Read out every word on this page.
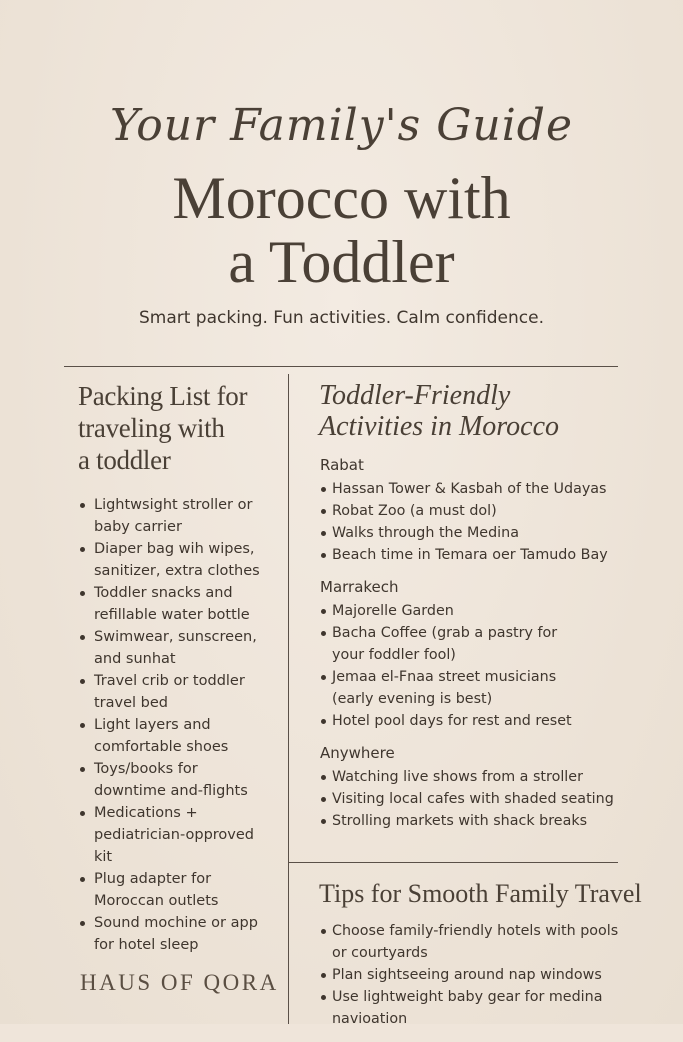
Your Family's Guide
Morocco with
a Toddler
Smart packing. Fun activities. Calm confidence.
Packing List for
traveling with
a toddler
Lightwsight stroller or
baby carrier
Diaper bag wih wipes,
sanitizer, extra clothes
Toddler snacks and
refillable water bottle
Swimwear, sunscreen,
and sunhat
Travel crib or toddler
travel bed
Light layers and
comfortable shoes
Toys/books for
downtime and-flights
Medications +
pediatrician-opproved
kit
Plug adapter for
Moroccan outlets
Sound mochine or app
for hotel sleep
HAUS OF QORA
Toddler-Friendly
Activities in Morocco
Rabat
Hassan Tower & Kasbah of the Udayas
Robat Zoo (a must dol)
Walks through the Medina
Beach time in Temara oer Tamudo Bay
Marrakech
Majorelle Garden
Bacha Coffee (grab a pastry for
your foddler fool)
Jemaa el-Fnaa street musicians
(early evening is best)
Hotel pool days for rest and reset
Anywhere
Watching live shows from a stroller
Visiting local cafes with shaded seating
Strolling markets with shack breaks
Tips for Smooth Family Travel
Choose family-friendly hotels with pools
or courtyards
Plan sightseeing around nap windows
Use lightweight baby gear for medina
navioation
